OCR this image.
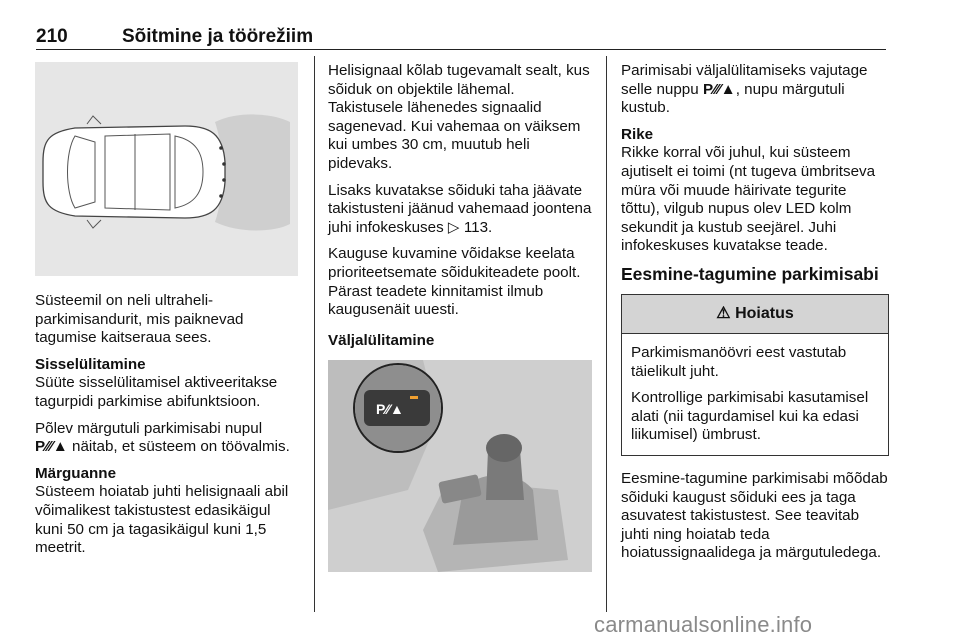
210	Sõitmine ja töörežiim

Süsteemil on neli ultraheli-parkimisandurit, mis paiknevad tagumise kaitseraua sees.

Sisselülitamine

Süüte sisselülitamisel aktiveeritakse tagurpidi parkimise abifunktsioon.

Põlev märgutuli parkimisabi nupul
P⁄⁄⁄▲ näitab, et süsteem on töövalmis.

Märguanne

Süsteem hoiatab juhti helisignaali abil võimalikest takistustest edasikäigul kuni 50 cm ja tagasikäigul kuni 1,5 meetrit.

Helisignaal kõlab tugevamalt sealt, kus sõiduk on objektile lähemal. Takistusele lähenedes signaalid sagenevad. Kui vahemaa on väiksem kui umbes 30 cm, muutub heli pidevaks.

Lisaks kuvatakse sõiduki taha jäävate takistusteni jäänud vahemaad joontena juhi infokeskuses ▷ 113.

Kauguse kuvamine võidakse keelata prioriteetsemate sõidukiteadete poolt. Pärast teadete kinnitamist ilmub kaugusenäit uuesti.

Väljalülitamine
P⁄⁄▲

Parimisabi väljalülitamiseks vajutage selle nuppu P⁄⁄⁄▲, nupu märgutuli kustub.

Rike

Rikke korral või juhul, kui süsteem ajutiselt ei toimi (nt tugeva ümbritseva müra või muude häirivate tegurite tõttu), vilgub nupus olev LED kolm sekundit ja kustub seejärel. Juhi infokeskuses kuvatakse teade.

Eesmine-tagumine parkimisabi
⚠ Hoiatus

Parkimismanöövri eest vastutab täielikult juht.

Kontrollige parkimisabi kasutamisel alati (nii tagurdamisel kui ka edasi liikumisel) ümbrust.

Eesmine-tagumine parkimisabi mõõdab sõiduki kaugust sõiduki ees ja taga asuvatest takistustest. See teavitab juhti ning hoiatab teda hoiatussignaalidega ja märgutuledega.

carmanualsonline.info
